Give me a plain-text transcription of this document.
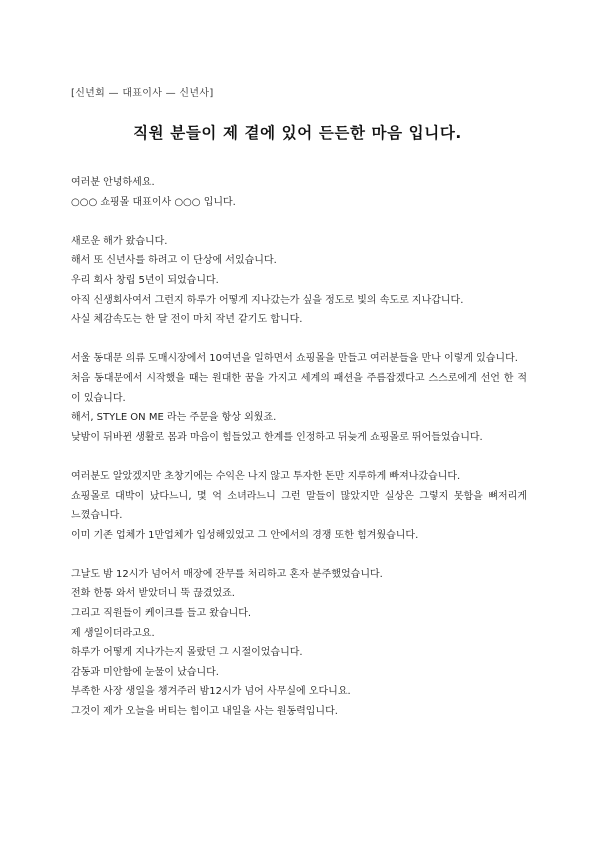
[신년회 — 대표이사 — 신년사]
직원 분들이 제 곁에 있어 든든한 마음 입니다.
여러분 안녕하세요.
○○○ 쇼핑몰 대표이사 ○○○ 입니다.
새로운 해가 왔습니다.
해서 또 신년사를 하려고 이 단상에 서있습니다.
우리 회사 창립 5년이 되었습니다.
아직 신생회사여서 그런지 하루가 어떻게 지나갔는가 싶을 정도로 빛의 속도로 지나갑니다.
사실 체감속도는 한 달 전이 마치 작년 같기도 합니다.
서울 동대문 의류 도매시장에서 10여년을 일하면서 쇼핑몰을 만들고 여러분들을 만나 이렇게 있습니다.
처음 동대문에서 시작했을 때는 원대한 꿈을 가지고 세계의 패션을 주름잡겠다고 스스로에게 선언 한 적 이 있습니다.
해서, STYLE ON ME 라는 주문을 항상 외웠죠.
낮밤이 뒤바뀐 생활로 몸과 마음이 힘들었고 한계를 인정하고 뒤늦게 쇼핑몰로 뛰어들었습니다.
여러분도 알았겠지만 초창기에는 수익은 나지 않고 투자한 돈만 지루하게 빠져나갔습니다.
쇼핑몰로 대박이 났다느니, 몇 억 소녀라느니 그런 말들이 많았지만 실상은 그렇지 못함을 뼈저리게 느꼈습니다.
이미 기존 업체가 1만업체가 입성해있었고 그 안에서의 경쟁 또한 힘겨웠습니다.
그날도 밤 12시가 넘어서 매장에 잔무를 처리하고 혼자 분주했었습니다.
전화 한통 와서 받았더니 뚝 끊겼었죠.
그리고 직원들이 케이크를 들고 왔습니다.
제 생일이더라고요.
하루가 어떻게 지나가는지 몰랐던 그 시절이었습니다.
감동과 미안함에 눈물이 났습니다.
부족한 사장 생일을 챙겨주러 밤12시가 넘어 사무실에 오다니요.
그것이 제가 오늘을 버티는 힘이고 내일을 사는 원동력입니다.
